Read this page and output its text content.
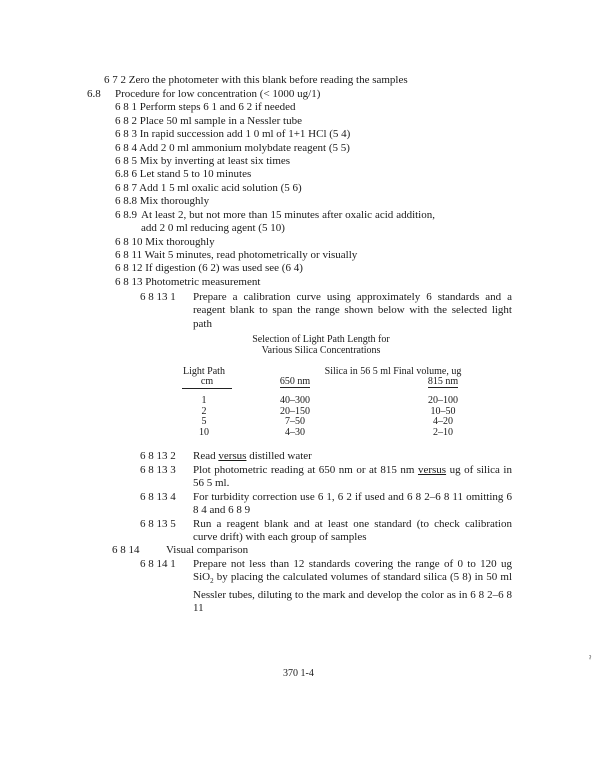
6 7 2 Zero the photometer with this blank before reading the samples
6.8 Procedure for low concentration (< 1000 ug/1)
6 8 1 Perform steps 6 1 and 6 2 if needed
6 8 2 Place 50 ml sample in a Nessler tube
6 8 3 In rapid succession add 1 0 ml of 1+1 HCl (5 4)
6 8 4 Add 2 0 ml ammonium molybdate reagent (5 5)
6 8 5 Mix by inverting at least six times
6.8 6 Let stand 5 to 10 minutes
6 8 7 Add 1 5 ml oxalic acid solution (5 6)
6 8.8 Mix thoroughly
6 8.9 At least 2, but not more than 15 minutes after oxalic acid addition, add 2 0 ml reducing agent (5 10)
6 8 10 Mix thoroughly
6 8 11 Wait 5 minutes, read photometrically or visually
6 8 12 If digestion (6 2) was used see (6 4)
6 8 13 Photometric measurement
6 8 13 1 Prepare a calibration curve using approximately 6 standards and a reagent blank to span the range shown below with the selected light path
Selection of Light Path Length for
Various Silica Concentrations
Light Path
cm
Silica in 56 5 ml Final volume, ug
650 nm	815 nm
1	40–300	20–100
2	20–150	10–50
5	7–50	4–20
10	4–30	2–10
6 8 13 2 Read versus distilled water
6 8 13 3 Plot photometric reading at 650 nm or at 815 nm versus ug of silica in 56 5 ml.
6 8 13 4 For turbidity correction use 6 1, 6 2 if used and 6 8 2–6 8 11 omitting 6 8 4 and 6 8 9
6 8 13 5 Run a reagent blank and at least one standard (to check calibration curve drift) with each group of samples
6 8 14 Visual comparison
6 8 14 1 Prepare not less than 12 standards covering the range of 0 to 120 ug SiO$_2$ by placing the calculated volumes of standard silica (5 8) in 50 ml Nessler tubes, diluting to the mark and develop the color as in 6 8 2–6 8 11
ˀ
370 1-4
